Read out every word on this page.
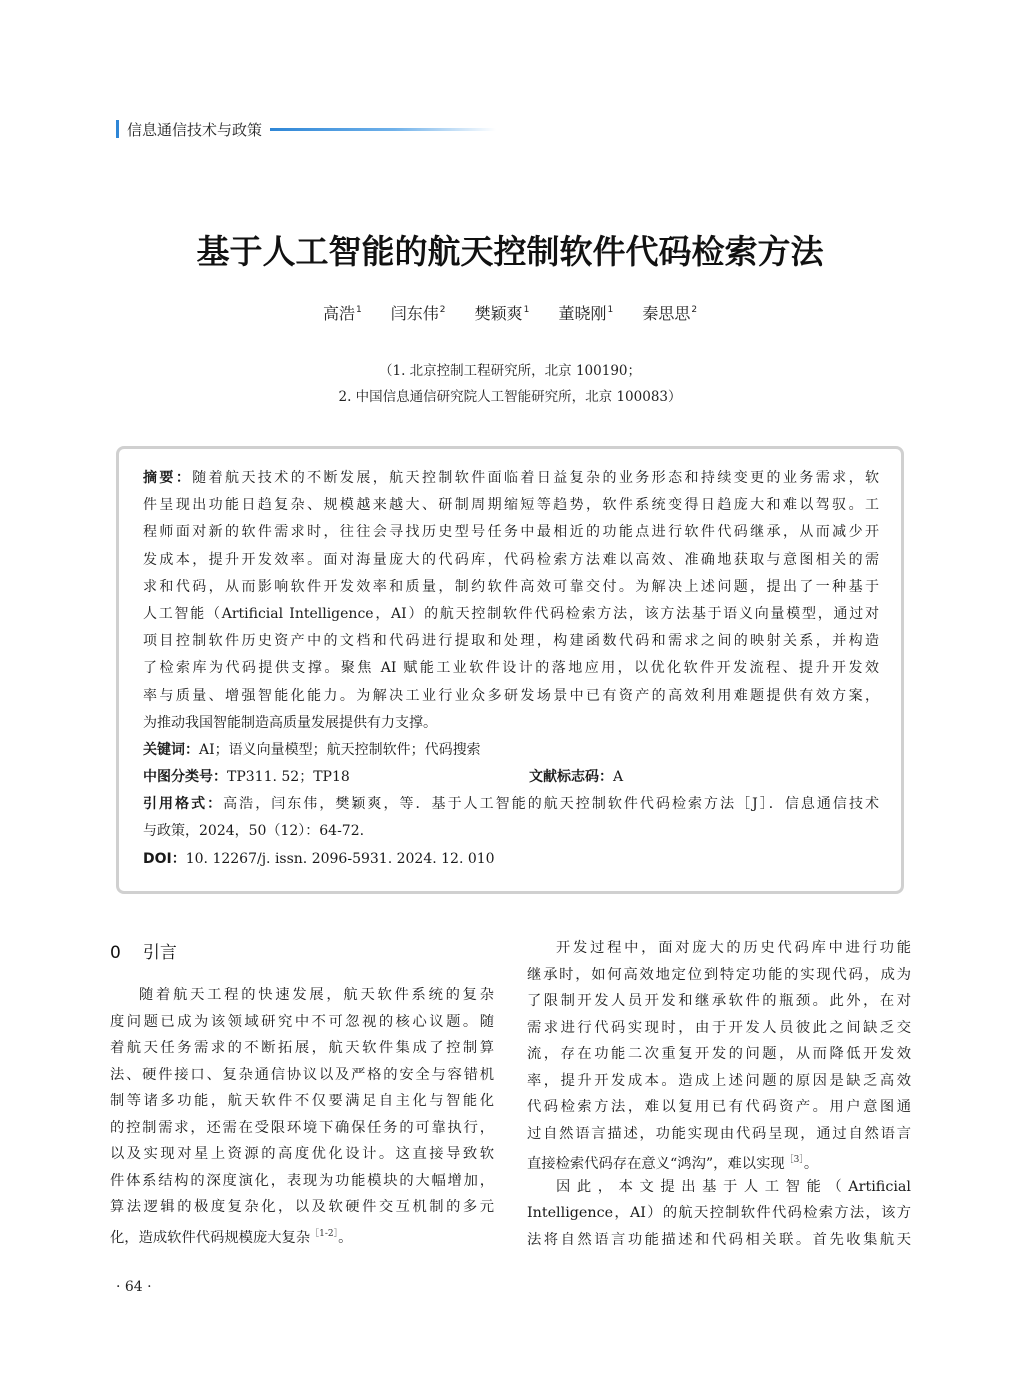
信息通信技术与政策
基于人工智能的航天控制软件代码检索方法
高浩$^1$ 闫东伟$^2$ 樊颖爽$^1$ 董晓刚$^1$ 秦思思$^2$
（1. 北京控制工程研究所，北京 100190；
2. 中国信息通信研究院人工智能研究所，北京 100083）
摘要：随着航天技术的不断发展，航天控制软件面临着日益复杂的业务形态和持续变更的业务需求，软
件呈现出功能日趋复杂、规模越来越大、研制周期缩短等趋势，软件系统变得日趋庞大和难以驾驭。工
程师面对新的软件需求时，往往会寻找历史型号任务中最相近的功能点进行软件代码继承，从而减少开
发成本，提升开发效率。面对海量庞大的代码库，代码检索方法难以高效、准确地获取与意图相关的需
求和代码，从而影响软件开发效率和质量，制约软件高效可靠交付。为解决上述问题，提出了一种基于
人工智能（Artificial Intelligence，AI）的航天控制软件代码检索方法，该方法基于语义向量模型，通过对
项目控制软件历史资产中的文档和代码进行提取和处理，构建函数代码和需求之间的映射关系，并构造
了检索库为代码提供支撑。聚焦 AI 赋能工业软件设计的落地应用，以优化软件开发流程、提升开发效
率与质量、增强智能化能力。为解决工业行业众多研发场景中已有资产的高效利用难题提供有效方案，
为推动我国智能制造高质量发展提供有力支撑。
关键词：AI；语义向量模型；航天控制软件；代码搜索
中图分类号：TP311. 52；TP18	文献标志码：A
引用格式：高浩，闫东伟，樊颖爽，等．基于人工智能的航天控制软件代码检索方法［J］．信息通信技术
与政策，2024，50（12）：64-72.
DOI：10. 12267/j. issn. 2096-5931. 2024. 12. 010
0 引言
随着航天工程的快速发展，航天软件系统的复杂
度问题已成为该领域研究中不可忽视的核心议题。随
着航天任务需求的不断拓展，航天软件集成了控制算
法、硬件接口、复杂通信协议以及严格的安全与容错机
制等诸多功能，航天软件不仅要满足自主化与智能化
的控制需求，还需在受限环境下确保任务的可靠执行，
以及实现对星上资源的高度优化设计。这直接导致软
件体系结构的深度演化，表现为功能模块的大幅增加，
算法逻辑的极度复杂化，以及软硬件交互机制的多元
化，造成软件代码规模庞大复杂$^{[1-2]}$。
开发过程中，面对庞大的历史代码库中进行功能
继承时，如何高效地定位到特定功能的实现代码，成为
了限制开发人员开发和继承软件的瓶颈。此外，在对
需求进行代码实现时，由于开发人员彼此之间缺乏交
流，存在功能二次重复开发的问题，从而降低开发效
率，提升开发成本。造成上述问题的原因是缺乏高效
代码检索方法，难以复用已有代码资产。用户意图通
过自然语言描述，功能实现由代码呈现，通过自然语言
直接检索代码存在意义“鸿沟”，难以实现$^{[3]}$。
因此，本文提出基于人工智能（Artificial
Intelligence，AI）的航天控制软件代码检索方法，该方
法将自然语言功能描述和代码相关联。首先收集航天
· 64 ·
